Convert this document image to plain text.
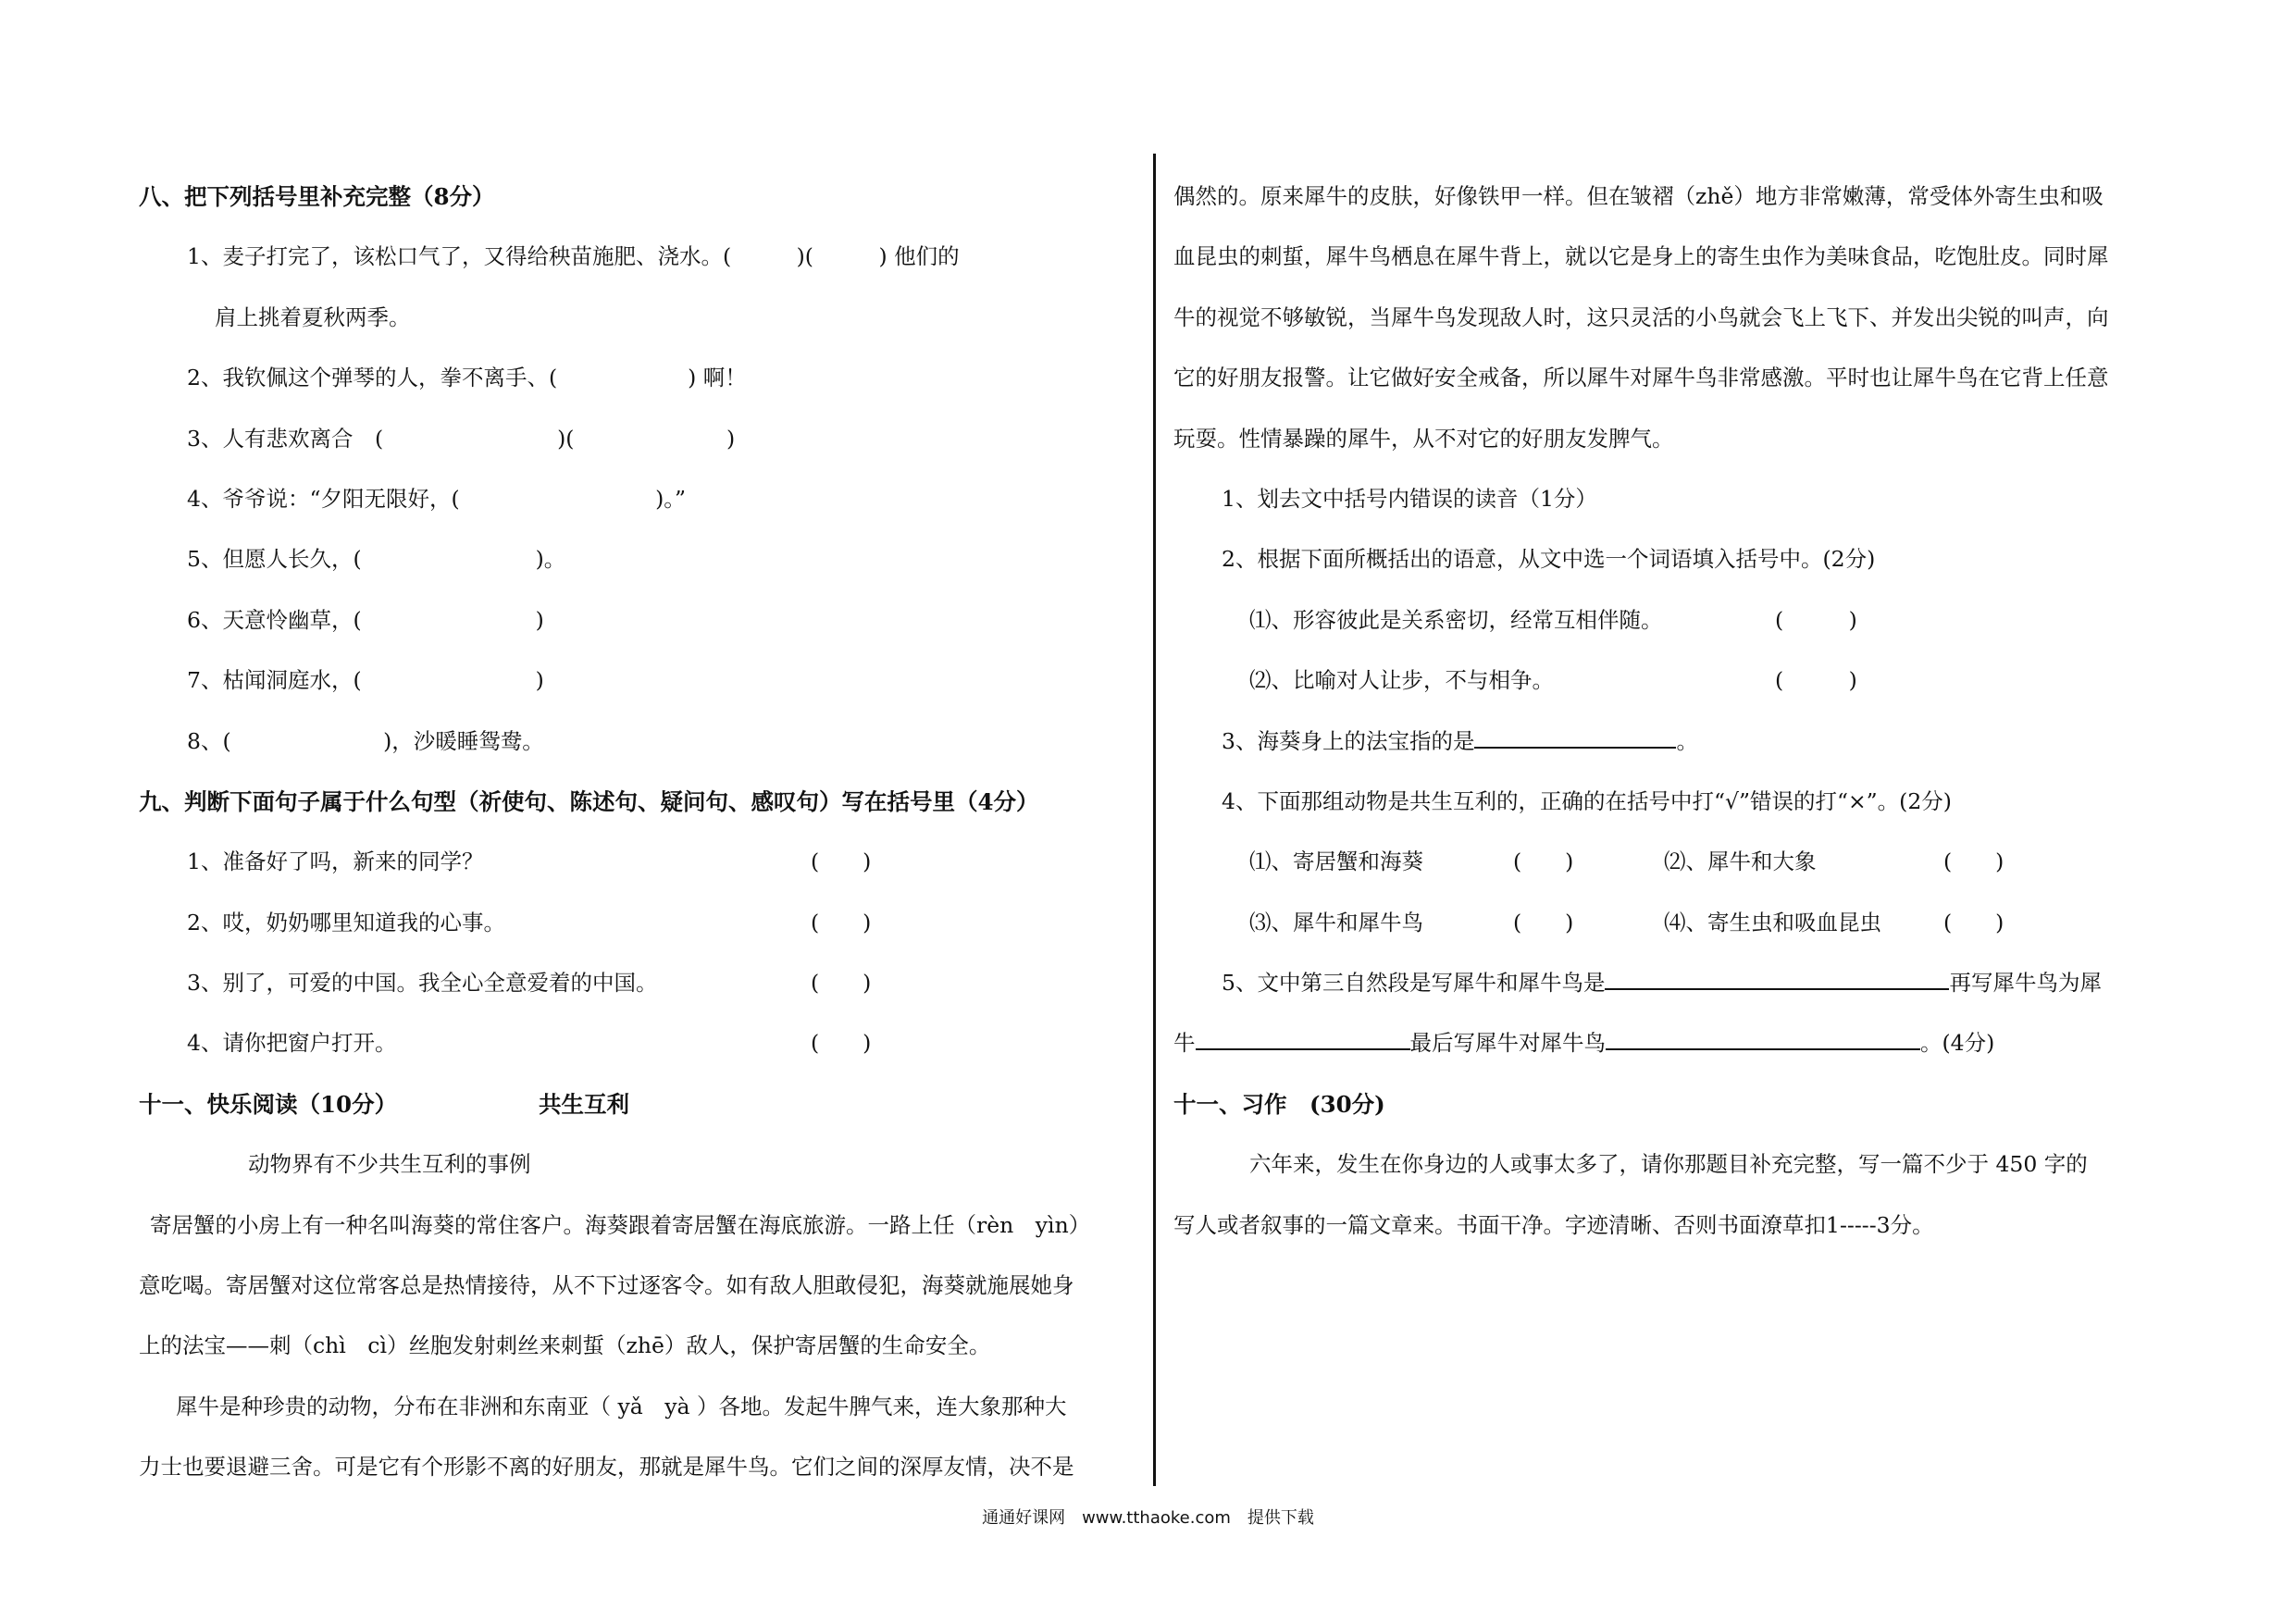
八、把下列括号里补充完整（8分）
1、麦子打完了，该松口气了，又得给秧苗施肥、浇水。(　　　)(　　　) 他们的
肩上挑着夏秋两季。
2、我钦佩这个弹琴的人，拳不离手、(　　　　　　) 啊！
3、人有悲欢离合　(　　　　　　　　)(　　　　　　　)
4、爷爷说：“夕阳无限好，(　　　　　　　　　)。”
5、但愿人长久，(　　　　　　　　)。
6、天意怜幽草，(　　　　　　　　)
7、枯闻洞庭水，(　　　　　　　　)
8、(　　　　　　　)，沙暖睡鸳鸯。
九、判断下面句子属于什么句型（祈使句、陈述句、疑问句、感叹句）写在括号里（4分）
1、准备好了吗，新来的同学？	(　　)
2、哎，奶奶哪里知道我的心事。	(　　)
3、别了，可爱的中国。我全心全意爱着的中国。	(　　)
4、请你把窗户打开。	(　　)
十一、快乐阅读（10分）	共生互利
动物界有不少共生互利的事例
寄居蟹的小房上有一种名叫海葵的常住客户。海葵跟着寄居蟹在海底旅游。一路上任（rèn　yìn）
意吃喝。寄居蟹对这位常客总是热情接待，从不下过逐客令。如有敌人胆敢侵犯，海葵就施展她身
上的法宝——刺（chì　cì）丝胞发射刺丝来刺蜇（zhē）敌人，保护寄居蟹的生命安全。
犀牛是种珍贵的动物，分布在非洲和东南亚（ yǎ　yà ）各地。发起牛脾气来，连大象那种大
力士也要退避三舍。可是它有个形影不离的好朋友，那就是犀牛鸟。它们之间的深厚友情，决不是
偶然的。原来犀牛的皮肤，好像铁甲一样。但在皱褶（zhě）地方非常嫩薄，常受体外寄生虫和吸
血昆虫的刺蜇，犀牛鸟栖息在犀牛背上，就以它是身上的寄生虫作为美味食品，吃饱肚皮。同时犀
牛的视觉不够敏锐，当犀牛鸟发现敌人时，这只灵活的小鸟就会飞上飞下、并发出尖锐的叫声，向
它的好朋友报警。让它做好安全戒备，所以犀牛对犀牛鸟非常感激。平时也让犀牛鸟在它背上任意
玩耍。性情暴躁的犀牛，从不对它的好朋友发脾气。
1、划去文中括号内错误的读音（1分）
2、根据下面所概括出的语意，从文中选一个词语填入括号中。(2分)
⑴、形容彼此是关系密切，经常互相伴随。	(　　　)
⑵、比喻对人让步，不与相争。	(　　　)
3、海葵身上的法宝指的是	。
4、下面那组动物是共生互利的，正确的在括号中打“√”错误的打“×”。(2分)
⑴、寄居蟹和海葵	(　　)	⑵、犀牛和大象	(　　)
⑶、犀牛和犀牛鸟	(　　)	⑷、寄生虫和吸血昆虫	(　　)
5、文中第三自然段是写犀牛和犀牛鸟是	再写犀牛鸟为犀
牛	最后写犀牛对犀牛鸟	。(4分)
十一、习作　(30分)
六年来，发生在你身边的人或事太多了，请你那题目补充完整，写一篇不少于 450 字的
写人或者叙事的一篇文章来。书面干净。字迹清晰、否则书面潦草扣1-----3分。
通通好课网　www.tthaoke.com　提供下载
